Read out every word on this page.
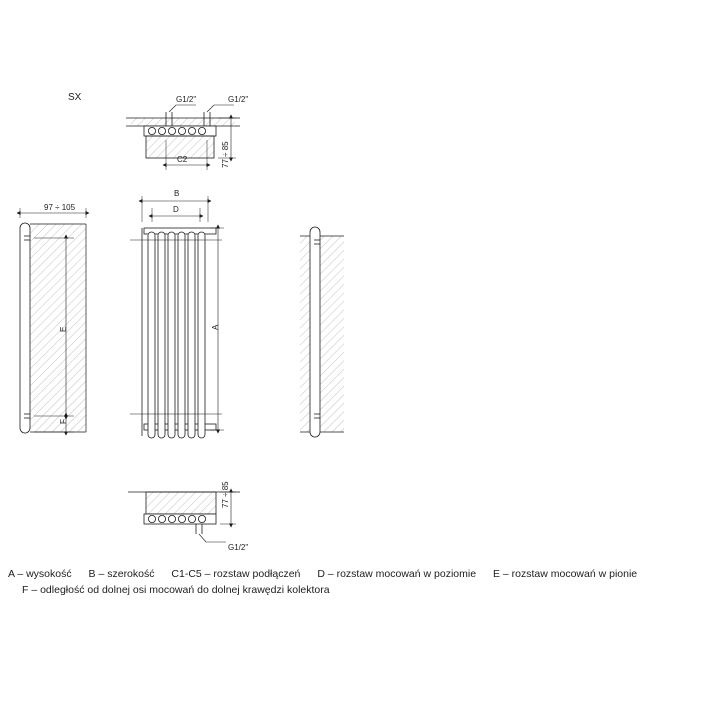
SX	G1/2"	G1/2"
C2	77 ÷ 85
97 ÷ 105
B
D
A
E
F
77 ÷ 85
G1/2"
A – wysokość B – szerokość C1-C5 – rozstaw podłączeń D – rozstaw mocowań w poziomie E – rozstaw mocowań w pionie
F – odległość od dolnej osi mocowań do dolnej krawędzi kolektora
